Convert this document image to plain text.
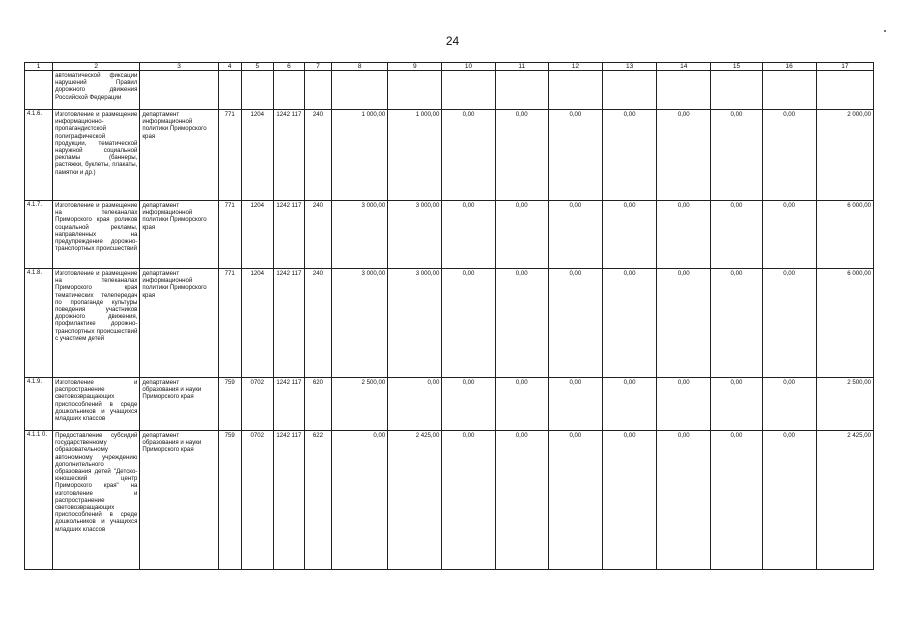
24
1	2	3	4	5	6	7	8	9	10	11	12	13	14	15	16	17
	автоматической фиксации нарушений Правил дорожного движения Российской Федерации															
4.1.6.	Изготовление и размещение информационно-пропагандистской полиграфической продукции, тематической наружной социальной рекламы (баннеры, растяжки, буклеты, плакаты, памятки и др.)	департамент информационной политики Приморского края	771	1204	1242 117	240	1 000,00	1 000,00	0,00	0,00	0,00	0,00	0,00	0,00	0,00	2 000,00
4.1.7.	Изготовление и размещение на телеканалах Приморского края роликов социальной рекламы, направленных на предупреждение дорожно-транспортных происшествий	департамент информационной политики Приморского края	771	1204	1242 117	240	3 000,00	3 000,00	0,00	0,00	0,00	0,00	0,00	0,00	0,00	6 000,00
4.1.8.	Изготовление и размещение на телеканалах Приморского края тематических телепередач по пропаганде культуры поведения участников дорожного движения, профилактике дорожно-транспортных происшествий с участием детей	департамент информационной политики Приморского края	771	1204	1242 117	240	3 000,00	3 000,00	0,00	0,00	0,00	0,00	0,00	0,00	0,00	6 000,00
4.1.9.	Изготовление и распространение световозвращающих приспособлений в среде дошкольников и учащихся младших классов	департамент образования и науки Приморского края	759	0702	1242 117	620	2 500,00	0,00	0,00	0,00	0,00	0,00	0,00	0,00	0,00	2 500,00
4.1.1 0.	Предоставление субсидий государственному образовательному автономному учреждению дополнительного образования детей "Детско-юношеский центр Приморского края" на изготовление и распространение световозвращающих приспособлений в среде дошкольников и учащихся младших классов	департамент образования и науки Приморского края	759	0702	1242 117	622	0,00	2 425,00	0,00	0,00	0,00	0,00	0,00	0,00	0,00	2 425,00
